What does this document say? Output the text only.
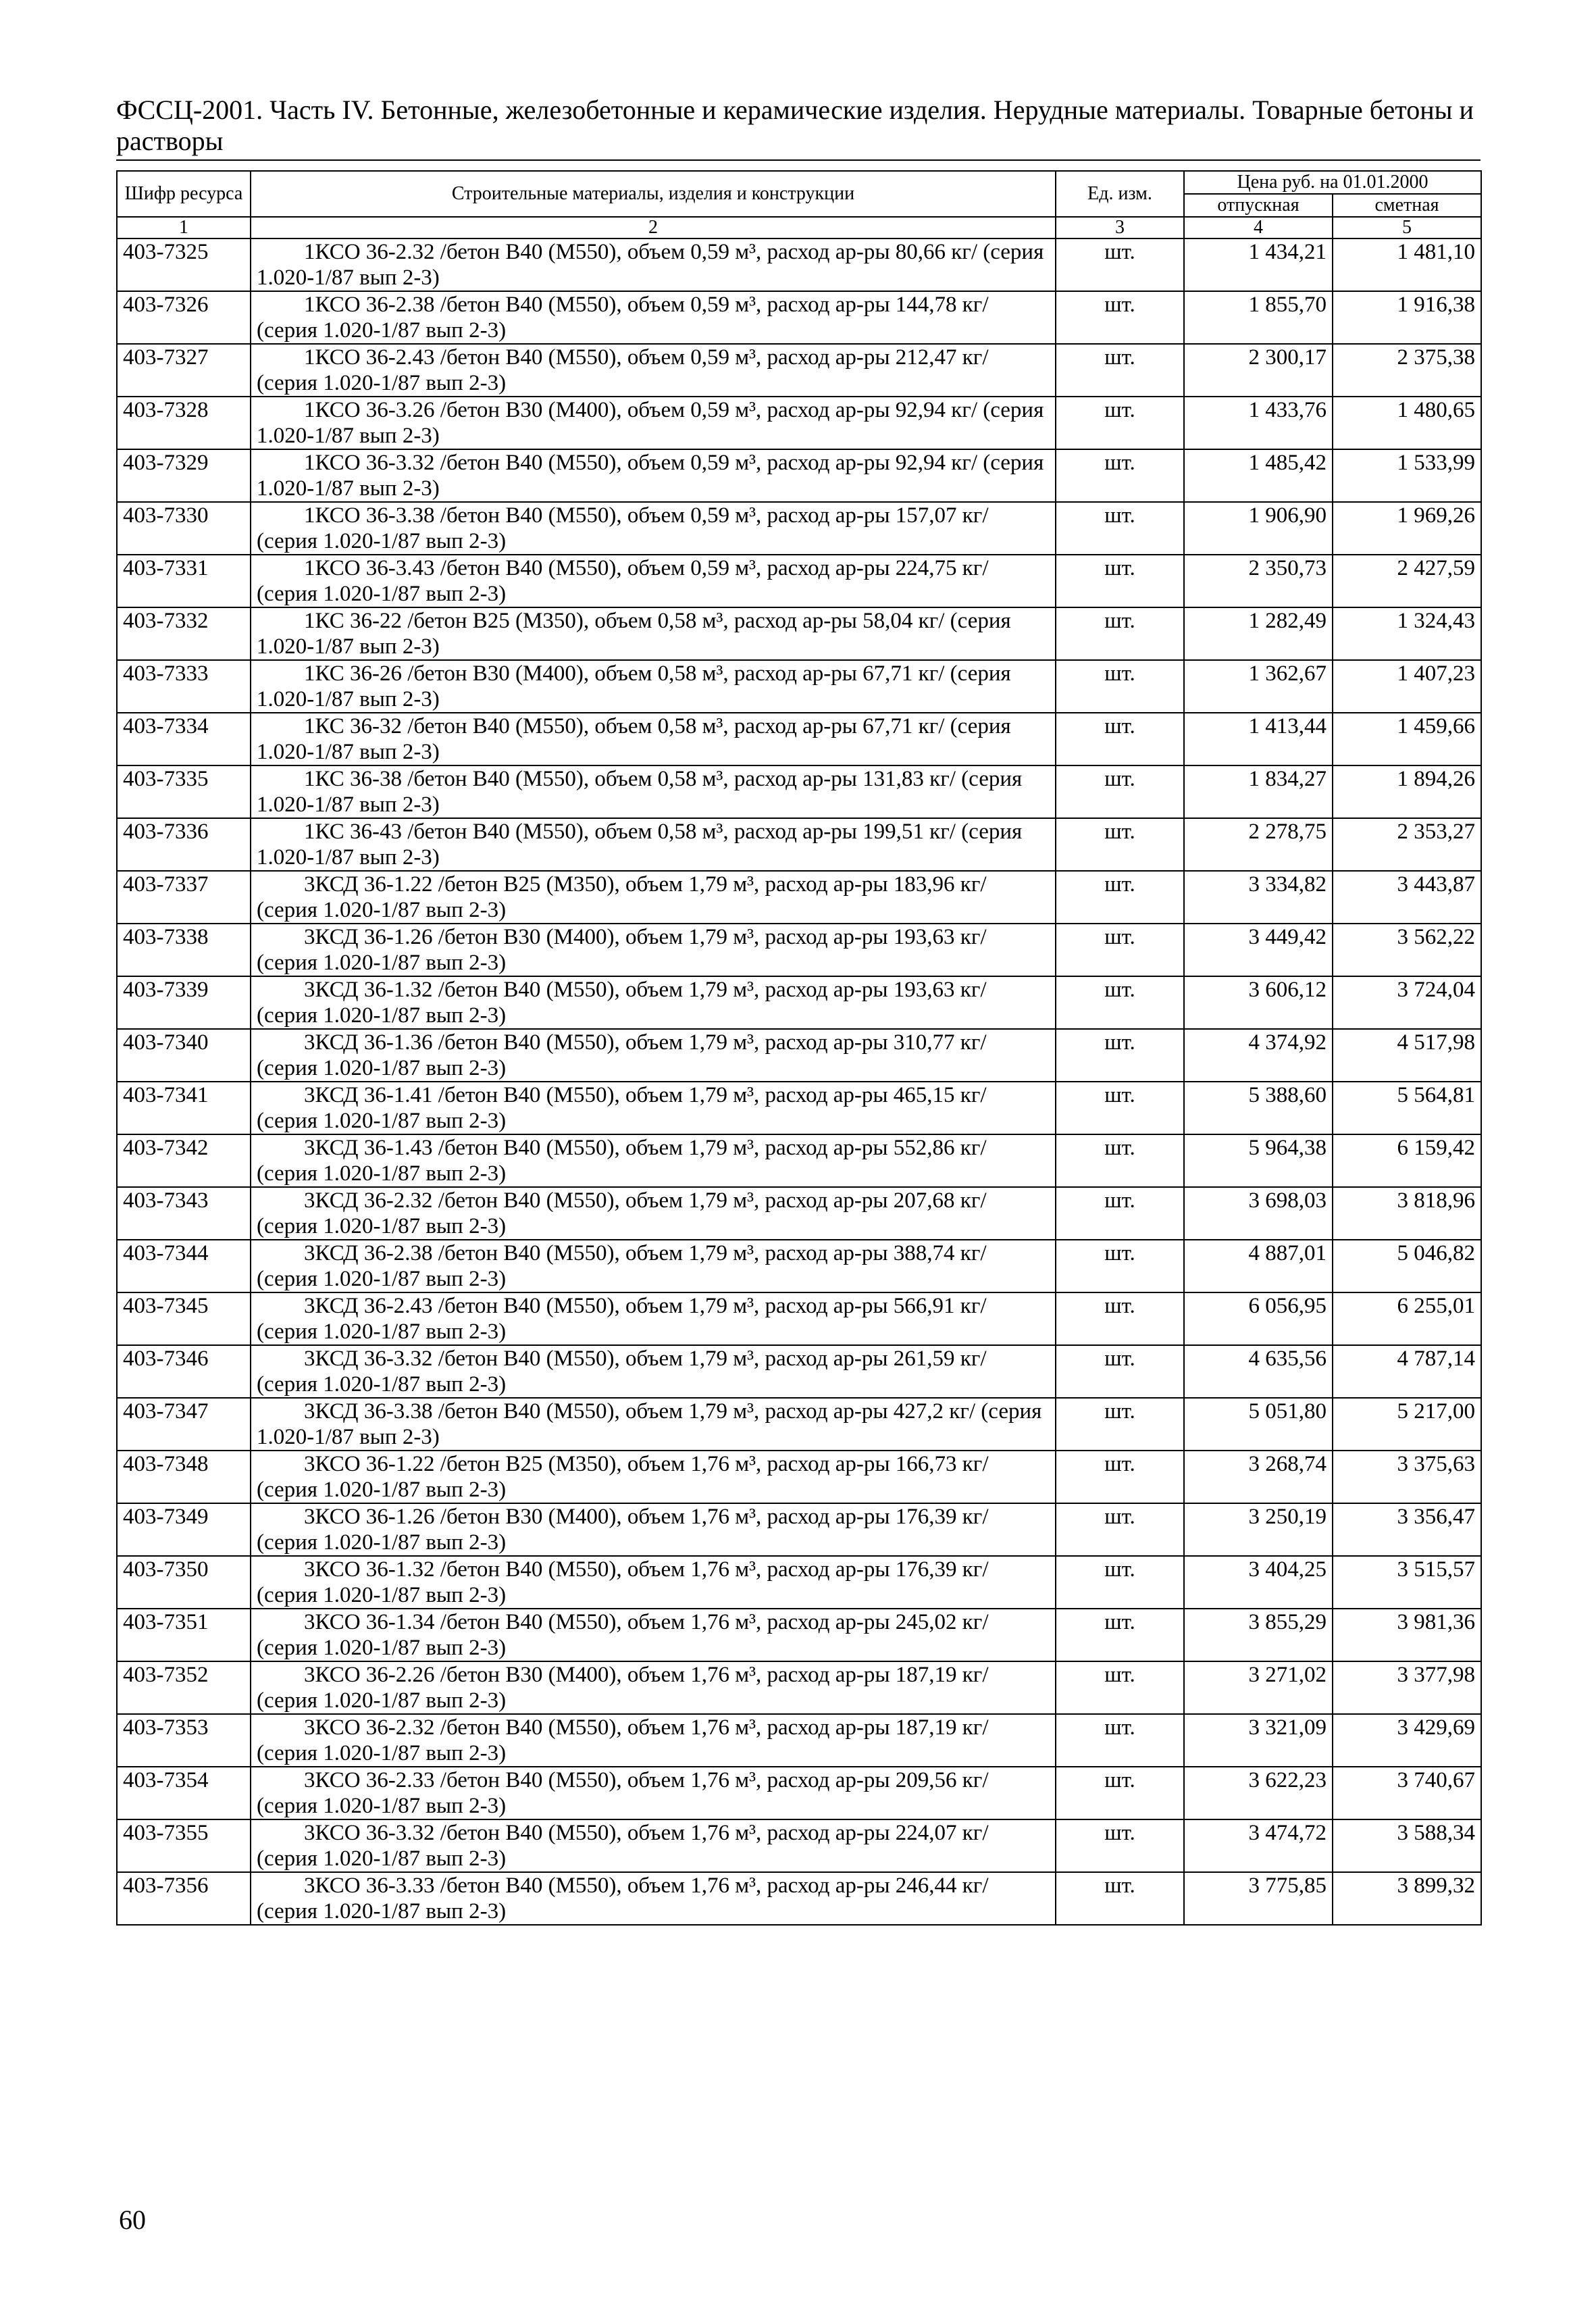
ФССЦ-2001. Часть IV. Бетонные, железобетонные и керамические изделия. Нерудные материалы. Товарные бетоны и растворы
Шифр ресурса	Строительные материалы, изделия и конструкции	Ед. изм.	Цена руб. на 01.01.2000	
			отпускная	сметная
1	2	3	4	5
403-7325	1КСО 36-2.32 /бетон В40 (М550), объем 0,59 м³, расход ар-ры 80,66 кг/ (серия 1.020-1/87 вып 2-3)	шт.	1 434,21	1 481,10
403-7326	1КСО 36-2.38 /бетон В40 (М550), объем 0,59 м³, расход ар-ры 144,78 кг/ (серия 1.020-1/87 вып 2-3)	шт.	1 855,70	1 916,38
403-7327	1КСО 36-2.43 /бетон В40 (М550), объем 0,59 м³, расход ар-ры 212,47 кг/ (серия 1.020-1/87 вып 2-3)	шт.	2 300,17	2 375,38
403-7328	1КСО 36-3.26 /бетон В30 (М400), объем 0,59 м³, расход ар-ры 92,94 кг/ (серия 1.020-1/87 вып 2-3)	шт.	1 433,76	1 480,65
403-7329	1КСО 36-3.32 /бетон В40 (М550), объем 0,59 м³, расход ар-ры 92,94 кг/ (серия 1.020-1/87 вып 2-3)	шт.	1 485,42	1 533,99
403-7330	1КСО 36-3.38 /бетон В40 (М550), объем 0,59 м³, расход ар-ры 157,07 кг/ (серия 1.020-1/87 вып 2-3)	шт.	1 906,90	1 969,26
403-7331	1КСО 36-3.43 /бетон В40 (М550), объем 0,59 м³, расход ар-ры 224,75 кг/ (серия 1.020-1/87 вып 2-3)	шт.	2 350,73	2 427,59
403-7332	1КС 36-22 /бетон В25 (М350), объем 0,58 м³, расход ар-ры 58,04 кг/ (серия 1.020-1/87 вып 2-3)	шт.	1 282,49	1 324,43
403-7333	1КС 36-26 /бетон В30 (М400), объем 0,58 м³, расход ар-ры 67,71 кг/ (серия 1.020-1/87 вып 2-3)	шт.	1 362,67	1 407,23
403-7334	1КС 36-32 /бетон В40 (М550), объем 0,58 м³, расход ар-ры 67,71 кг/ (серия 1.020-1/87 вып 2-3)	шт.	1 413,44	1 459,66
403-7335	1КС 36-38 /бетон В40 (М550), объем 0,58 м³, расход ар-ры 131,83 кг/ (серия 1.020-1/87 вып 2-3)	шт.	1 834,27	1 894,26
403-7336	1КС 36-43 /бетон В40 (М550), объем 0,58 м³, расход ар-ры 199,51 кг/ (серия 1.020-1/87 вып 2-3)	шт.	2 278,75	2 353,27
403-7337	3КСД 36-1.22 /бетон В25 (М350), объем 1,79 м³, расход ар-ры 183,96 кг/ (серия 1.020-1/87 вып 2-3)	шт.	3 334,82	3 443,87
403-7338	3КСД 36-1.26 /бетон В30 (М400), объем 1,79 м³, расход ар-ры 193,63 кг/ (серия 1.020-1/87 вып 2-3)	шт.	3 449,42	3 562,22
403-7339	3КСД 36-1.32 /бетон В40 (М550), объем 1,79 м³, расход ар-ры 193,63 кг/ (серия 1.020-1/87 вып 2-3)	шт.	3 606,12	3 724,04
403-7340	3КСД 36-1.36 /бетон В40 (М550), объем 1,79 м³, расход ар-ры 310,77 кг/ (серия 1.020-1/87 вып 2-3)	шт.	4 374,92	4 517,98
403-7341	3КСД 36-1.41 /бетон В40 (М550), объем 1,79 м³, расход ар-ры 465,15 кг/ (серия 1.020-1/87 вып 2-3)	шт.	5 388,60	5 564,81
403-7342	3КСД 36-1.43 /бетон В40 (М550), объем 1,79 м³, расход ар-ры 552,86 кг/ (серия 1.020-1/87 вып 2-3)	шт.	5 964,38	6 159,42
403-7343	3КСД 36-2.32 /бетон В40 (М550), объем 1,79 м³, расход ар-ры 207,68 кг/ (серия 1.020-1/87 вып 2-3)	шт.	3 698,03	3 818,96
403-7344	3КСД 36-2.38 /бетон В40 (М550), объем 1,79 м³, расход ар-ры 388,74 кг/ (серия 1.020-1/87 вып 2-3)	шт.	4 887,01	5 046,82
403-7345	3КСД 36-2.43 /бетон В40 (М550), объем 1,79 м³, расход ар-ры 566,91 кг/ (серия 1.020-1/87 вып 2-3)	шт.	6 056,95	6 255,01
403-7346	3КСД 36-3.32 /бетон В40 (М550), объем 1,79 м³, расход ар-ры 261,59 кг/ (серия 1.020-1/87 вып 2-3)	шт.	4 635,56	4 787,14
403-7347	3КСД 36-3.38 /бетон В40 (М550), объем 1,79 м³, расход ар-ры 427,2 кг/ (серия 1.020-1/87 вып 2-3)	шт.	5 051,80	5 217,00
403-7348	3КСО 36-1.22 /бетон В25 (М350), объем 1,76 м³, расход ар-ры 166,73 кг/ (серия 1.020-1/87 вып 2-3)	шт.	3 268,74	3 375,63
403-7349	3КСО 36-1.26 /бетон В30 (М400), объем 1,76 м³, расход ар-ры 176,39 кг/ (серия 1.020-1/87 вып 2-3)	шт.	3 250,19	3 356,47
403-7350	3КСО 36-1.32 /бетон В40 (М550), объем 1,76 м³, расход ар-ры 176,39 кг/ (серия 1.020-1/87 вып 2-3)	шт.	3 404,25	3 515,57
403-7351	3КСО 36-1.34 /бетон В40 (М550), объем 1,76 м³, расход ар-ры 245,02 кг/ (серия 1.020-1/87 вып 2-3)	шт.	3 855,29	3 981,36
403-7352	3КСО 36-2.26 /бетон В30 (М400), объем 1,76 м³, расход ар-ры 187,19 кг/ (серия 1.020-1/87 вып 2-3)	шт.	3 271,02	3 377,98
403-7353	3КСО 36-2.32 /бетон В40 (М550), объем 1,76 м³, расход ар-ры 187,19 кг/ (серия 1.020-1/87 вып 2-3)	шт.	3 321,09	3 429,69
403-7354	3КСО 36-2.33 /бетон В40 (М550), объем 1,76 м³, расход ар-ры 209,56 кг/ (серия 1.020-1/87 вып 2-3)	шт.	3 622,23	3 740,67
403-7355	3КСО 36-3.32 /бетон В40 (М550), объем 1,76 м³, расход ар-ры 224,07 кг/ (серия 1.020-1/87 вып 2-3)	шт.	3 474,72	3 588,34
403-7356	3КСО 36-3.33 /бетон В40 (М550), объем 1,76 м³, расход ар-ры 246,44 кг/ (серия 1.020-1/87 вып 2-3)	шт.	3 775,85	3 899,32
60
